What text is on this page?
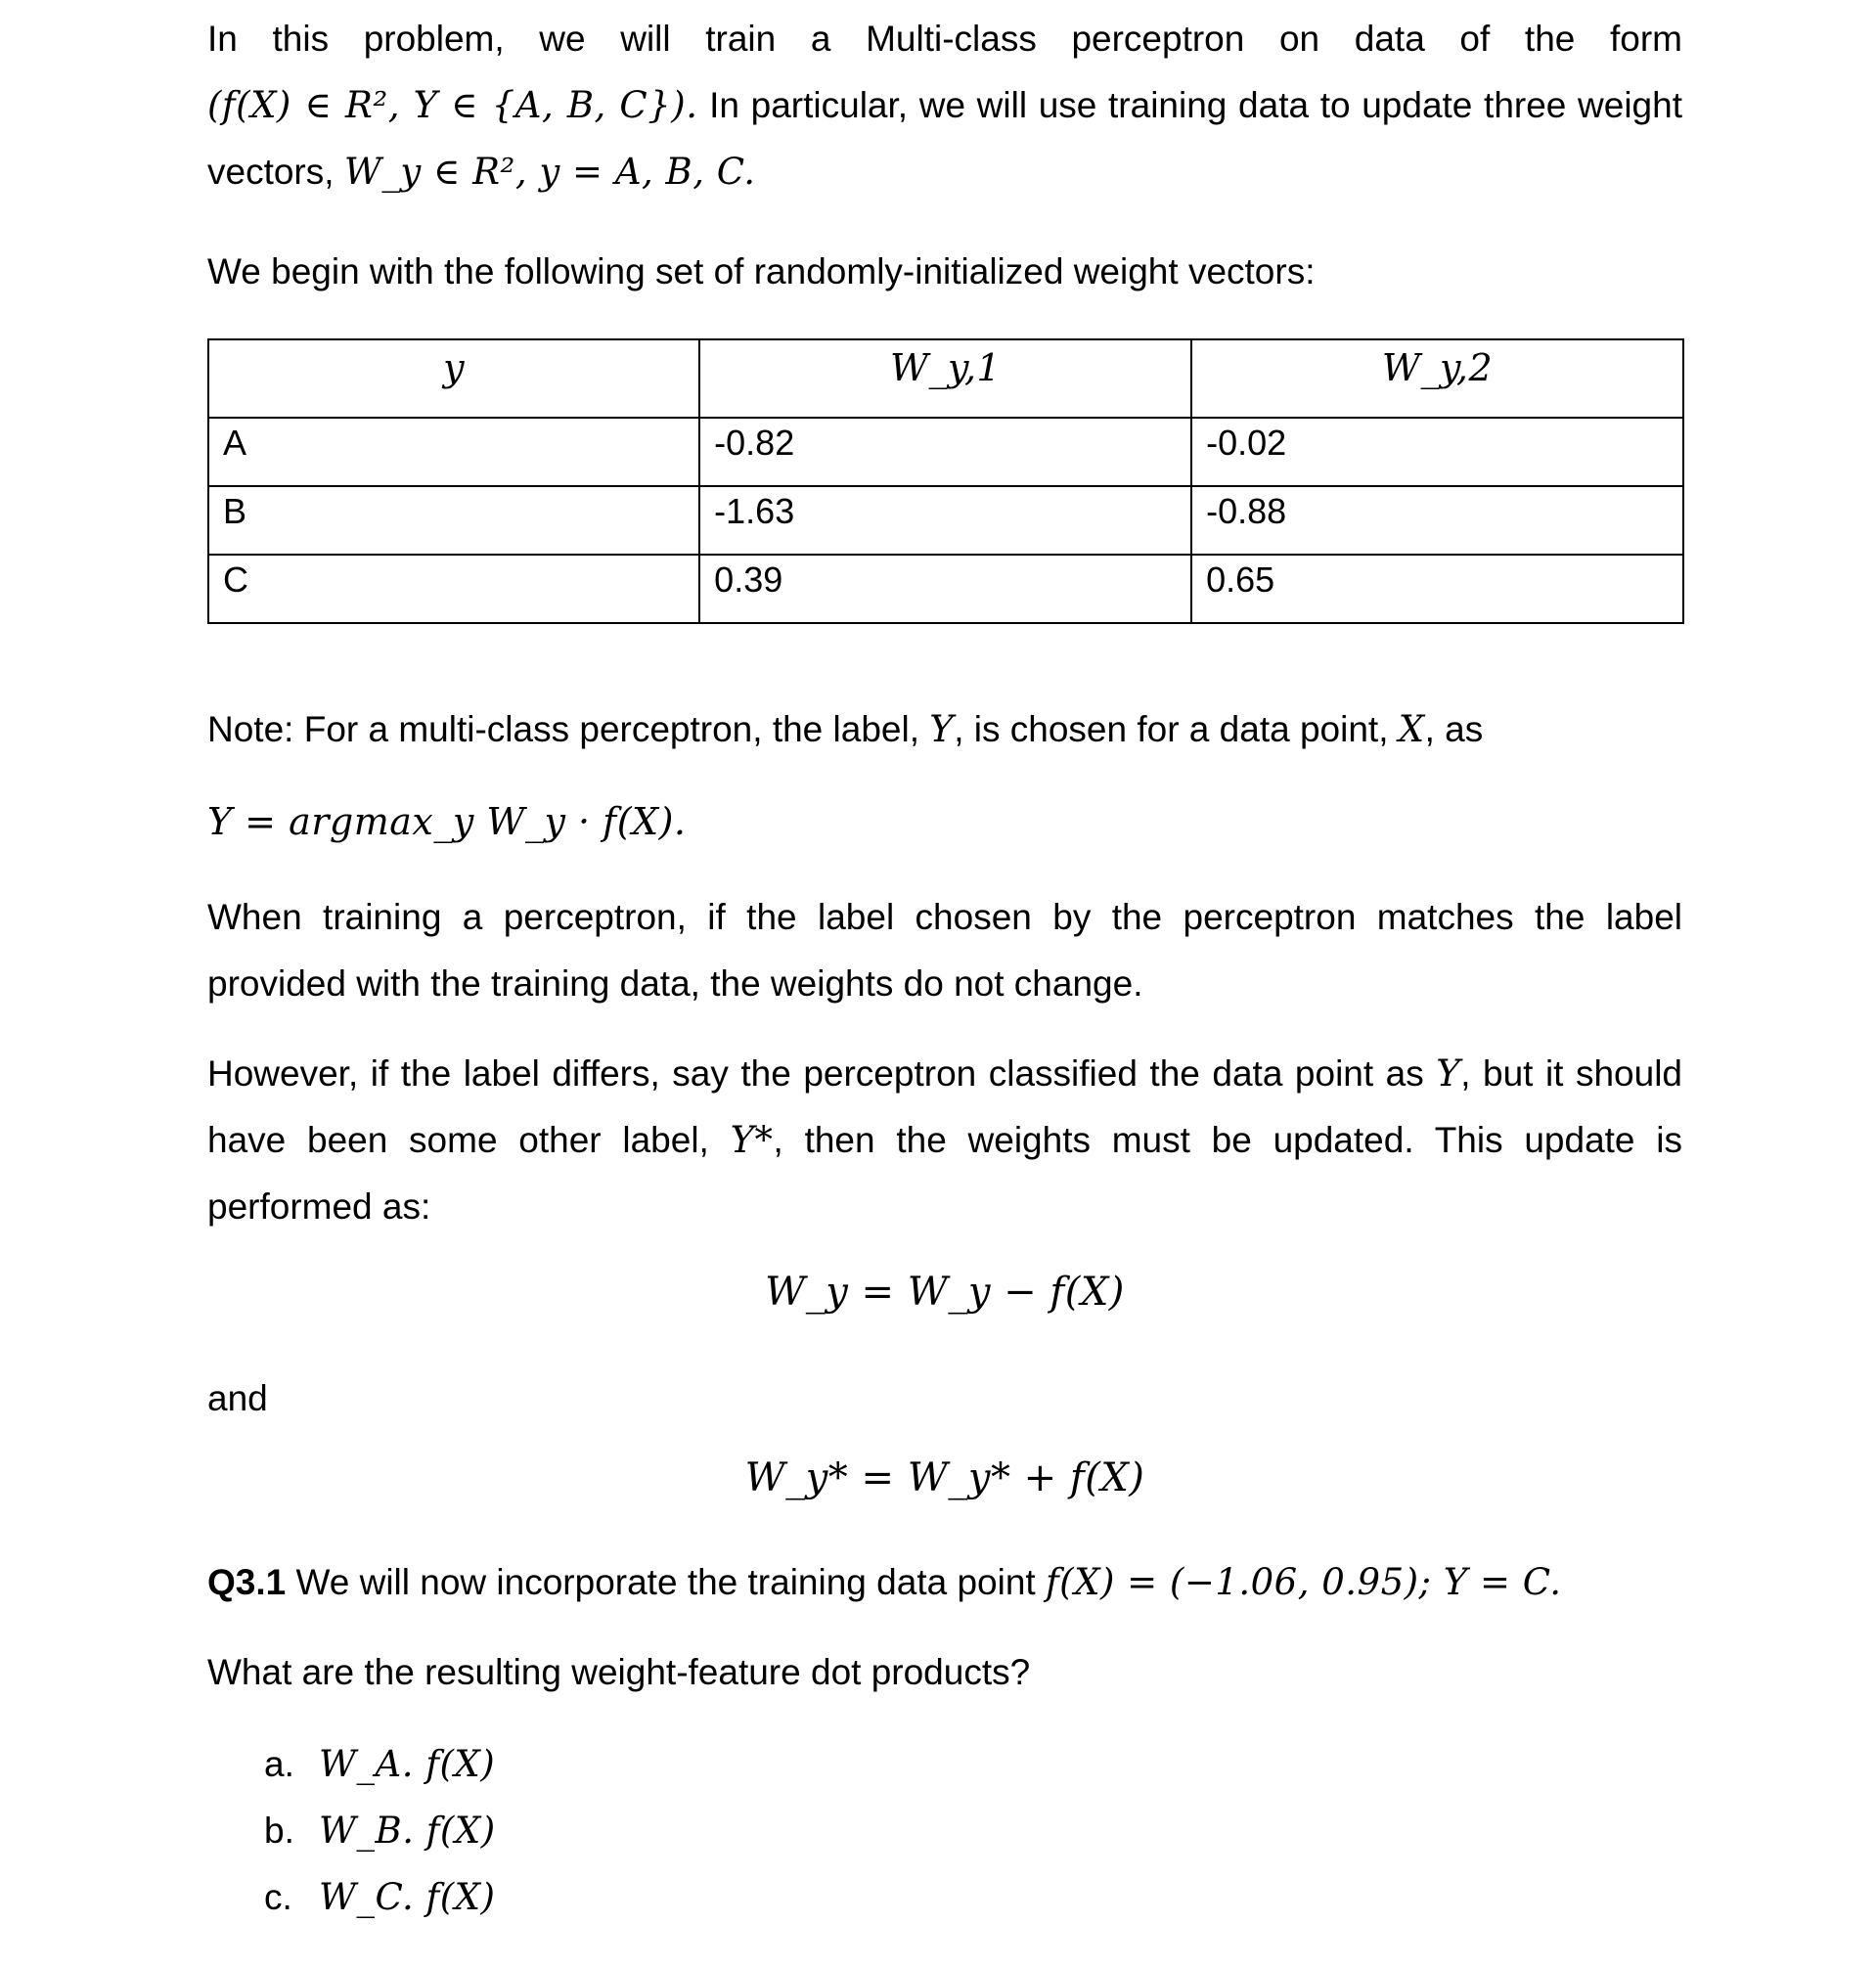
In this problem, we will train a Multi-class perceptron on data of the form
(f(X) ∈ R², Y ∈ {A, B, C}). In particular, we will use training data to update three weight
vectors, W_y ∈ R², y = A, B, C.
We begin with the following set of randomly-initialized weight vectors:
y	W_y,1	W_y,2
A	-0.82	-0.02
B	-1.63	-0.88
C	0.39	0.65
Note: For a multi-class perceptron, the label, Y, is chosen for a data point, X, as
Y = argmax_y W_y · f(X).
When training a perceptron, if the label chosen by the perceptron matches the label provided with the training data, the weights do not change.
However, if the label differs, say the perceptron classified the data point as Y, but it should
have been some other label, Y*, then the weights must be updated. This update is
performed as:
W_y = W_y − f(X)
and
W_y* = W_y* + f(X)
Q3.1 We will now incorporate the training data point f(X) = (−1.06, 0.95); Y = C.
What are the resulting weight-feature dot products?
a. W_A. f(X)
b. W_B. f(X)
c. W_C. f(X)
